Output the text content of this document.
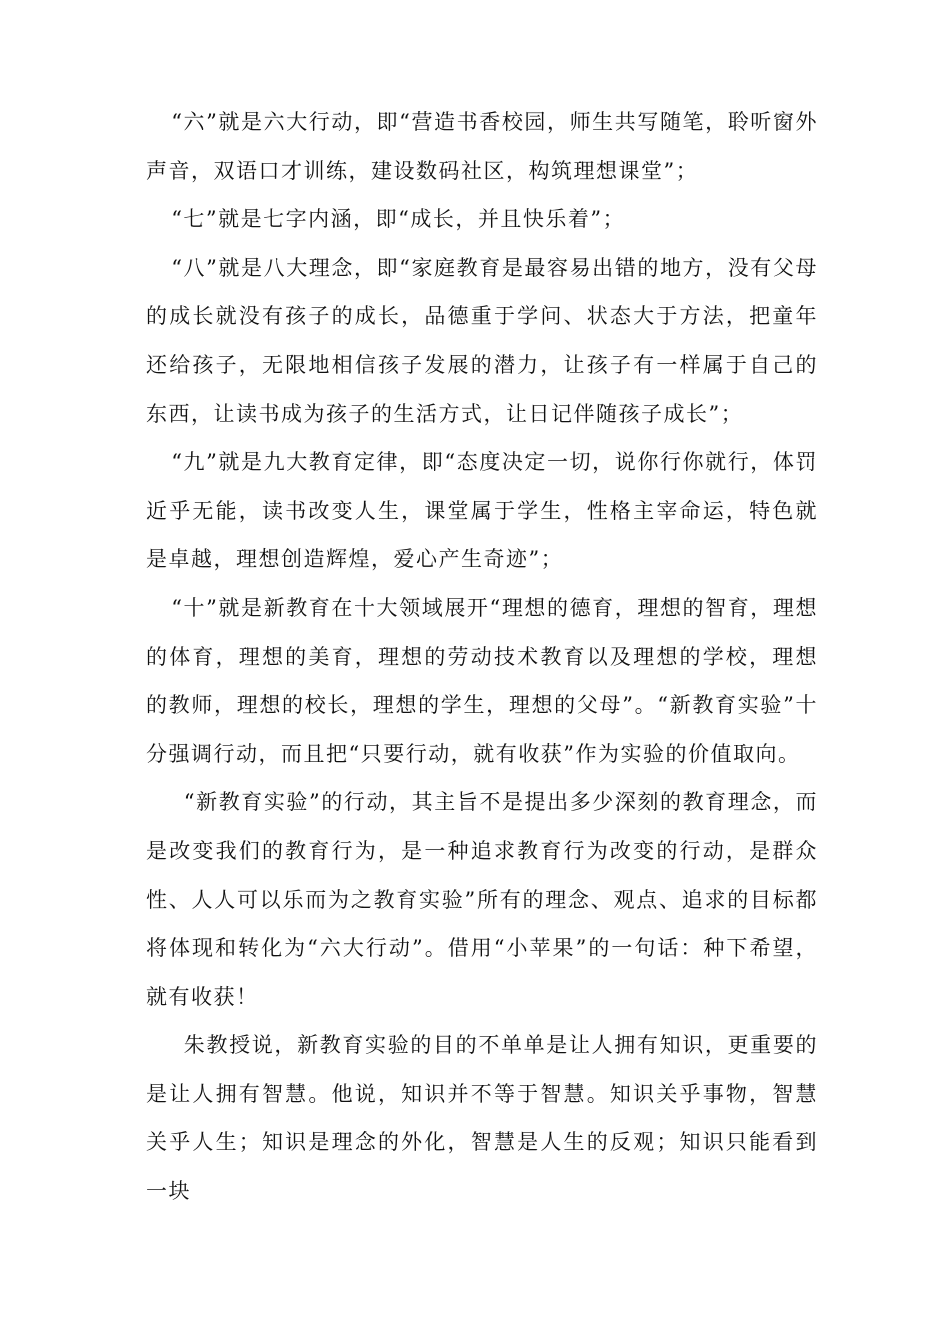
“六”就是六大行动，即“营造书香校园，师生共写随笔，聆听窗外声音，双语口才训练，建设数码社区，构筑理想课堂”；

“七”就是七字内涵，即“成长，并且快乐着”；

“八”就是八大理念，即“家庭教育是最容易出错的地方，没有父母的成长就没有孩子的成长，品德重于学问、状态大于方法，把童年还给孩子，无限地相信孩子发展的潜力，让孩子有一样属于自己的东西，让读书成为孩子的生活方式，让日记伴随孩子成长”；

“九”就是九大教育定律，即“态度决定一切，说你行你就行，体罚近乎无能，读书改变人生，课堂属于学生，性格主宰命运，特色就是卓越，理想创造辉煌，爱心产生奇迹”；

“十”就是新教育在十大领域展开“理想的德育，理想的智育，理想的体育，理想的美育，理想的劳动技术教育以及理想的学校，理想的教师，理想的校长，理想的学生，理想的父母”。“新教育实验”十分强调行动，而且把“只要行动，就有收获”作为实验的价值取向。

“新教育实验”的行动，其主旨不是提出多少深刻的教育理念，而是改变我们的教育行为，是一种追求教育行为改变的行动，是群众性、人人可以乐而为之教育实验”所有的理念、观点、追求的目标都将体现和转化为“六大行动”。借用“小苹果”的一句话：种下希望，就有收获！

朱教授说，新教育实验的目的不单单是让人拥有知识，更重要的是让人拥有智慧。他说，知识并不等于智慧。知识关乎事物，智慧关乎人生；知识是理念的外化，智慧是人生的反观；知识只能看到一块
